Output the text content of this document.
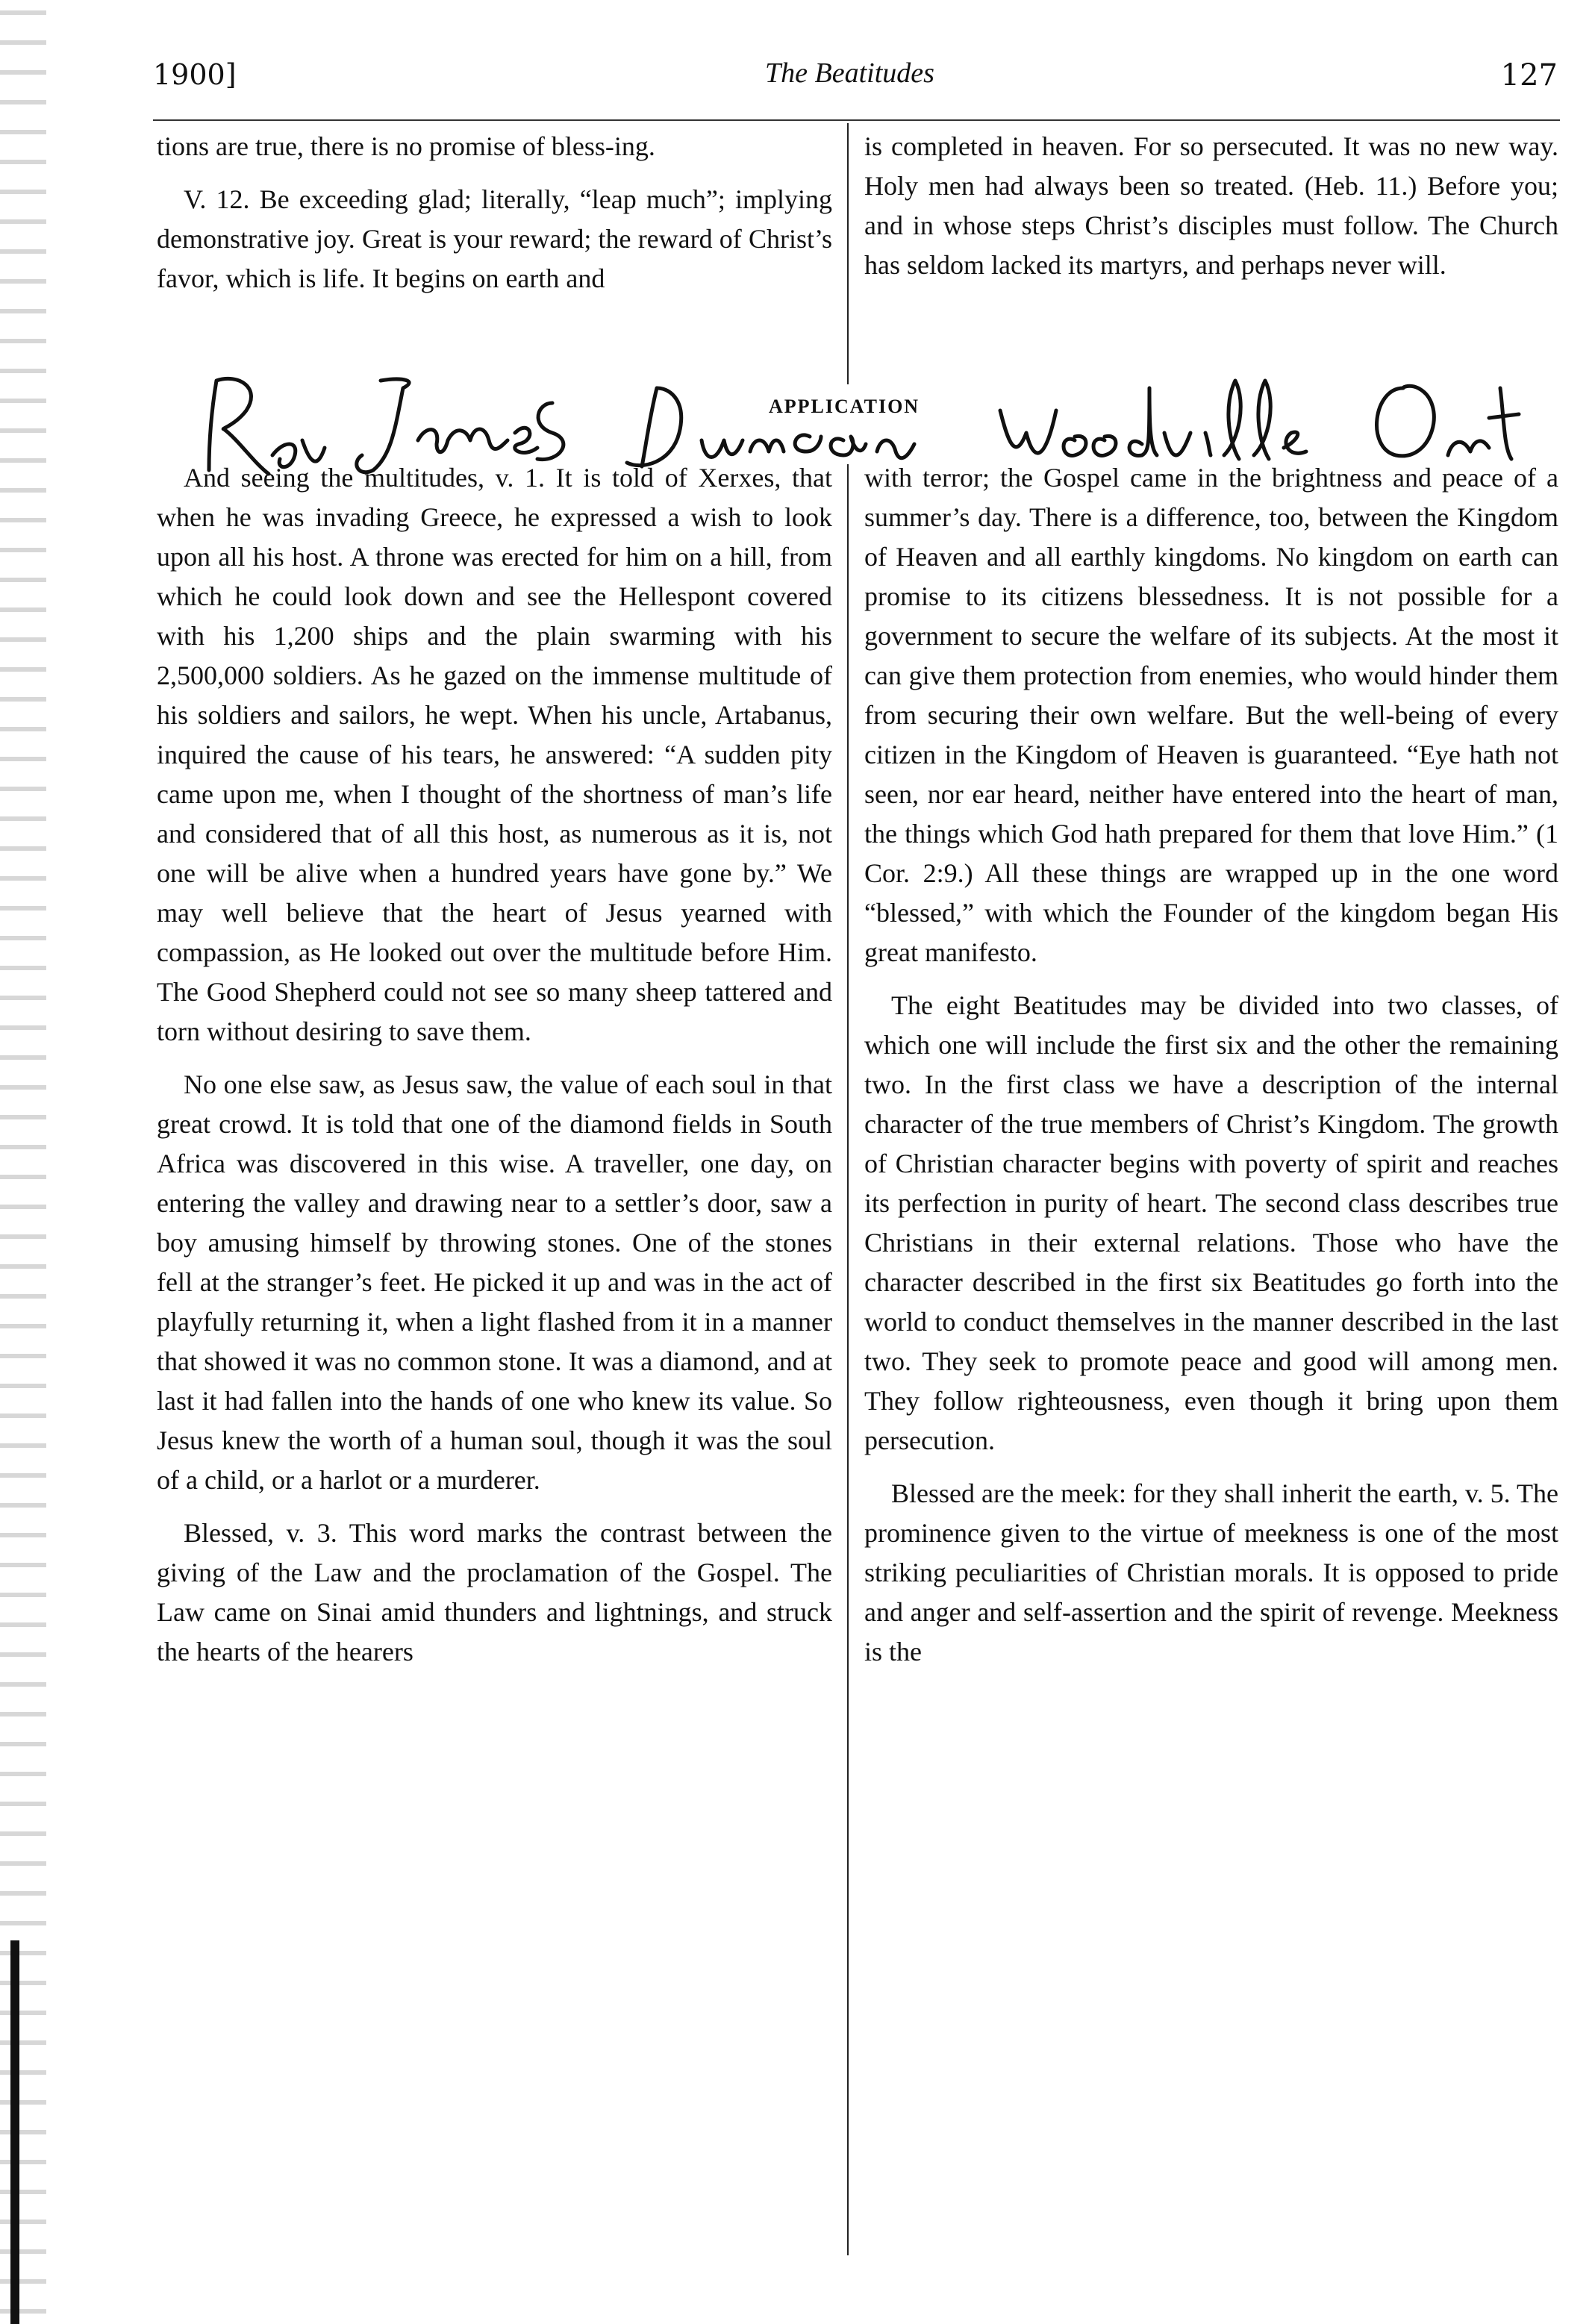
1900]	The Beatitudes	127

tions are true, there is no promise of bless-ing.

V. 12. Be exceeding glad; literally, “leap much”; implying demonstrative joy. Great is your reward; the reward of Christ’s favor, which is life. It begins on earth and

is completed in heaven. For so persecuted. It was no new way. Holy men had always been so treated. (Heb. 11.) Before you; and in whose steps Christ’s disciples must follow. The Church has seldom lacked its martyrs, and perhaps never will.

APPLICATION

And seeing the multitudes, v. 1. It is told of Xerxes, that when he was invading Greece, he expressed a wish to look upon all his host. A throne was erected for him on a hill, from which he could look down and see the Hellespont covered with his 1,200 ships and the plain swarming with his 2,500,000 soldiers. As he gazed on the immense multitude of his soldiers and sailors, he wept. When his uncle, Artabanus, inquired the cause of his tears, he answered: “A sudden pity came upon me, when I thought of the shortness of man’s life and considered that of all this host, as numerous as it is, not one will be alive when a hundred years have gone by.” We may well believe that the heart of Jesus yearned with compassion, as He looked out over the multitude before Him. The Good Shepherd could not see so many sheep tattered and torn without desiring to save them.

No one else saw, as Jesus saw, the value of each soul in that great crowd. It is told that one of the diamond fields in South Africa was discovered in this wise. A traveller, one day, on entering the valley and drawing near to a settler’s door, saw a boy amusing himself by throwing stones. One of the stones fell at the stranger’s feet. He picked it up and was in the act of playfully returning it, when a light flashed from it in a manner that showed it was no common stone. It was a diamond, and at last it had fallen into the hands of one who knew its value. So Jesus knew the worth of a human soul, though it was the soul of a child, or a harlot or a murderer.

Blessed, v. 3. This word marks the contrast between the giving of the Law and the proclamation of the Gospel. The Law came on Sinai amid thunders and lightnings, and struck the hearts of the hearers

with terror; the Gospel came in the brightness and peace of a summer’s day. There is a difference, too, between the Kingdom of Heaven and all earthly kingdoms. No kingdom on earth can promise to its citizens blessedness. It is not possible for a government to secure the welfare of its subjects. At the most it can give them protection from enemies, who would hinder them from securing their own welfare. But the well-being of every citizen in the Kingdom of Heaven is guaranteed. “Eye hath not seen, nor ear heard, neither have entered into the heart of man, the things which God hath prepared for them that love Him.” (1 Cor. 2:9.) All these things are wrapped up in the one word “blessed,” with which the Founder of the kingdom began His great manifesto.

The eight Beatitudes may be divided into two classes, of which one will include the first six and the other the remaining two. In the first class we have a description of the internal character of the true members of Christ’s Kingdom. The growth of Christian character begins with poverty of spirit and reaches its perfection in purity of heart. The second class describes true Christians in their external relations. Those who have the character described in the first six Beatitudes go forth into the world to conduct themselves in the manner described in the last two. They seek to promote peace and good will among men. They follow righteousness, even though it bring upon them persecution.

Blessed are the meek: for they shall inherit the earth, v. 5. The prominence given to the virtue of meekness is one of the most striking peculiarities of Christian morals. It is opposed to pride and anger and self-assertion and the spirit of revenge. Meekness is the
